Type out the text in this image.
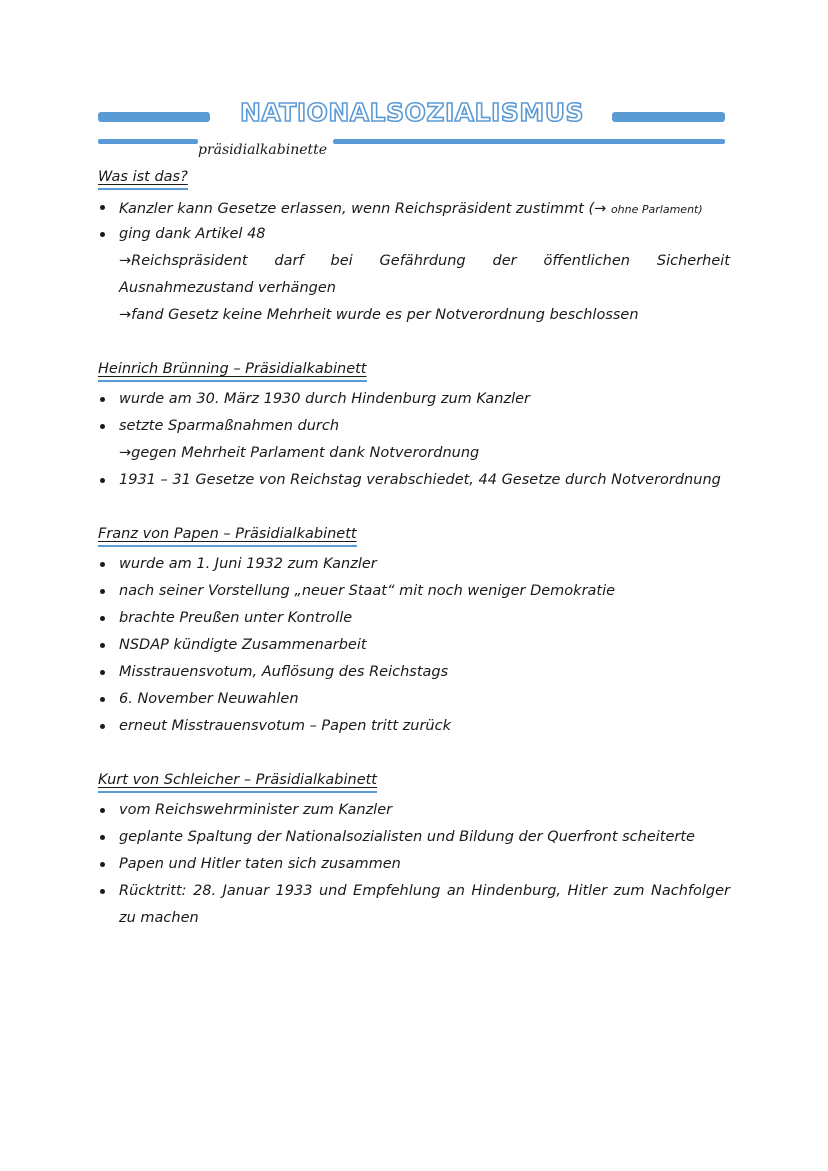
NATIONALSOZIALISMUS
präsidialkabinette
Was ist das?
Kanzler kann Gesetze erlassen, wenn Reichspräsident zustimmt (→ ohne Parlament)
ging dank Artikel 48
→Reichspräsident darf bei Gefährdung der öffentlichen Sicherheit Ausnahmezustand verhängen
→fand Gesetz keine Mehrheit wurde es per Notverordnung beschlossen
Heinrich Brünning – Präsidialkabinett
wurde am 30. März 1930 durch Hindenburg zum Kanzler
setzte Sparmaßnahmen durch
→gegen Mehrheit Parlament dank Notverordnung
1931 – 31 Gesetze von Reichstag verabschiedet, 44 Gesetze durch Notverordnung
Franz von Papen – Präsidialkabinett
wurde am 1. Juni 1932 zum Kanzler
nach seiner Vorstellung „neuer Staat“ mit noch weniger Demokratie
brachte Preußen unter Kontrolle
NSDAP kündigte Zusammenarbeit
Misstrauensvotum, Auflösung des Reichstags
6. November Neuwahlen
erneut Misstrauensvotum – Papen tritt zurück
Kurt von Schleicher – Präsidialkabinett
vom Reichswehrminister zum Kanzler
geplante Spaltung der Nationalsozialisten und Bildung der Querfront scheiterte
Papen und Hitler taten sich zusammen
Rücktritt: 28. Januar 1933 und Empfehlung an Hindenburg, Hitler zum Nachfolger zu machen
